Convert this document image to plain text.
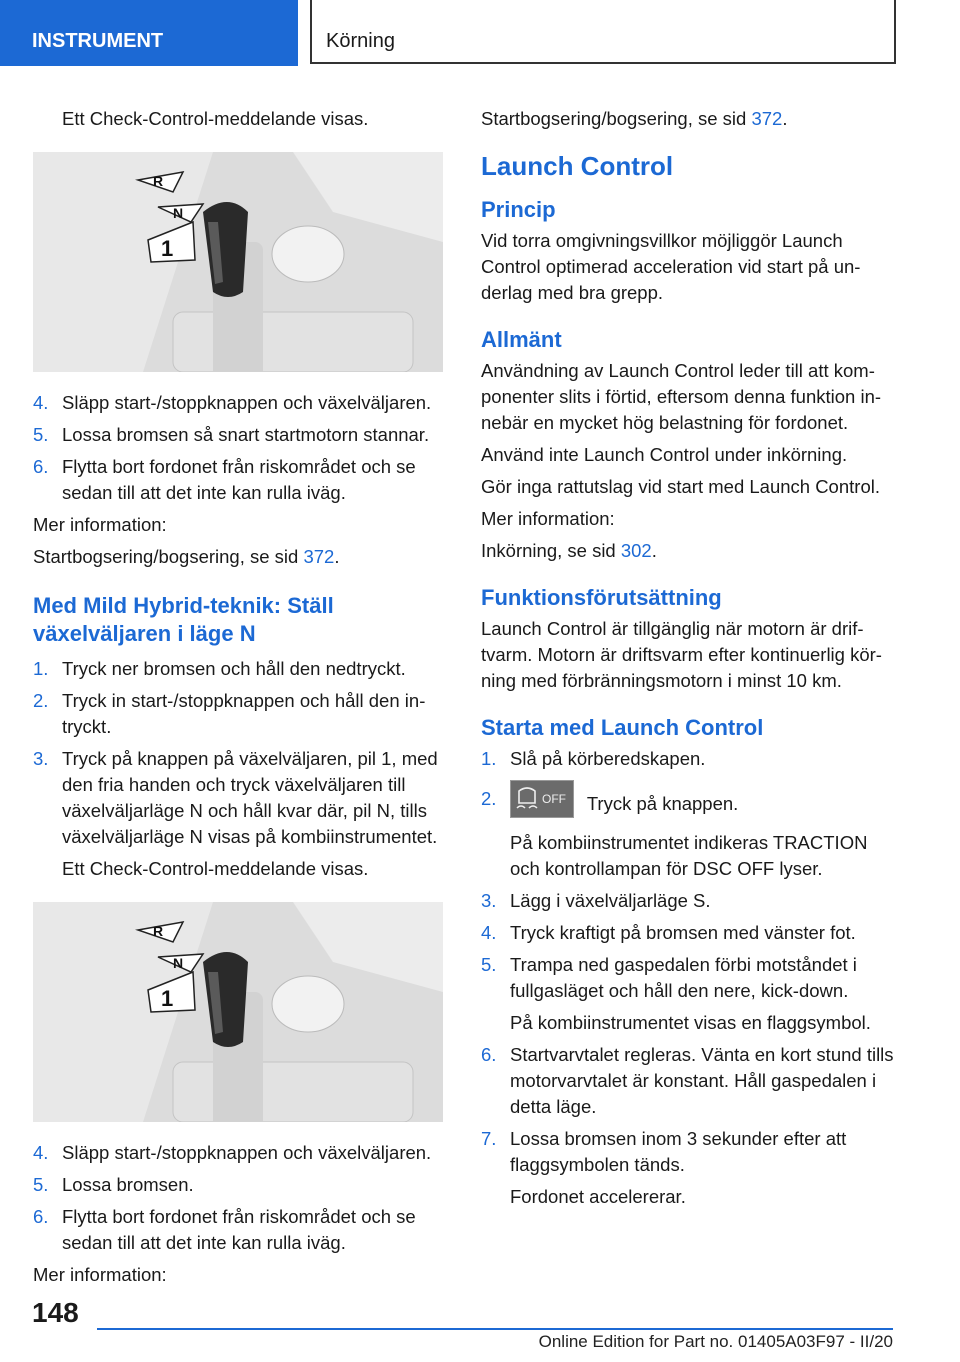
INSTRUMENT	Körning

Ett Check-Control-meddelande visas.

R
N
1
4. Släpp start-/stoppknappen och växelväljaren.
5. Lossa bromsen så snart startmotorn stannar.
6. Flytta bort fordonet från riskområdet och se sedan till att det inte kan rulla iväg.

Mer information:

Startbogsering/bogsering, se sid 372.

Med Mild Hybrid-teknik: Ställ växelväljaren i läge N
1. Tryck ner bromsen och håll den nedtryckt.
2. Tryck in start-/stoppknappen och håll den intryckt.
3. Tryck på knappen på växelväljaren, pil 1, med den fria handen och tryck växelväljaren till växelväljarläge N och håll kvar där, pil N, tills växelväljarläge N visas på kombiinstrumentet.

Ett Check-Control-meddelande visas.

R
N
1
4. Släpp start-/stoppknappen och växelväljaren.
5. Lossa bromsen.
6. Flytta bort fordonet från riskområdet och se sedan till att det inte kan rulla iväg.

Mer information:

Startbogsering/bogsering, se sid 372.

Launch Control
Princip

Vid torra omgivningsvillkor möjliggör Launch Control optimerad acceleration vid start på underlag med bra grepp.

Allmänt

Användning av Launch Control leder till att komponenter slits i förtid, eftersom denna funktion innebär en mycket hög belastning för fordonet.

Använd inte Launch Control under inkörning.

Gör inga rattutslag vid start med Launch Control.

Mer information:

Inkörning, se sid 302.

Funktionsförutsättning

Launch Control är tillgänglig när motorn är driftvarm. Motorn är driftsvarm efter kontinuerlig körning med förbränningsmotorn i minst 10 km.

Starta med Launch Control
1. Slå på körberedskapen.
2.	OFF Tryck på knappen.

På kombiinstrumentet indikeras TRACTION och kontrollampan för DSC OFF lyser.

3. Lägg i växelväljarläge S.
4. Tryck kraftigt på bromsen med vänster fot.
5. Trampa ned gaspedalen förbi motståndet i fullgasläget och håll den nere, kick-down.

På kombiinstrumentet visas en flaggsymbol.

6. Startvarvtalet regleras. Vänta en kort stund tills motorvarvtalet är konstant. Håll gaspedalen i detta läge.
7. Lossa bromsen inom 3 sekunder efter att flaggsymbolen tänds.

Fordonet accelererar.

148
Online Edition for Part no. 01405A03F97 - II/20
